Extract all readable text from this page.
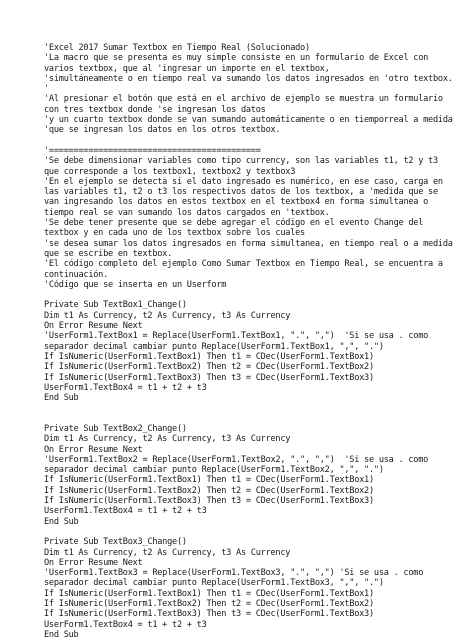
'Excel 2017 Sumar Textbox en Tiempo Real (Solucionado)
'La macro que se presenta es muy simple consiste en un formulario de Excel con
varios textbox, que al 'ingresar un importe en el textbox,
'simultáneamente o en tiempo real va sumando los datos ingresados en 'otro textbox.
'
'Al presionar el botón que está en el archivo de ejemplo se muestra un formulario
con tres textbox donde 'se ingresan los datos
'y un cuarto textbox donde se van sumando automáticamente o en tiemporreal a medida
'que se ingresan los datos en los otros textbox.
'===========================================
'Se debe dimensionar variables como tipo currency, son las variables t1, t2 y t3
que corresponde a los textbox1, textbox2 y textbox3
'En el ejemplo se detecta si el dato ingresado es numérico, en ese caso, carga en
las variables t1, t2 o t3 los respectivos datos de los textbox, a 'medida que se
van ingresando los datos en estos textbox en el textbox4 en forma simultanea o
tiempo real se van sumando los datos cargados en 'textbox.
'Se debe tener presente que se debe agregar el código en el evento Change del
textbox y en cada uno de los textbox sobre los cuales
'se desea sumar los datos ingresados en forma simultanea, en tiempo real o a medida
que se escribe en textbox.
'El código completo del ejemplo Como Sumar Textbox en Tiempo Real, se encuentra a
continuación.
'Código que se inserta en un Userform
Private Sub TextBox1_Change()
Dim t1 As Currency, t2 As Currency, t3 As Currency
On Error Resume Next
'UserForm1.TextBox1 = Replace(UserForm1.TextBox1, ".", ",")  'Si se usa . como
separador decimal cambiar punto Replace(UserForm1.TextBox1, ",", ".")
If IsNumeric(UserForm1.TextBox1) Then t1 = CDec(UserForm1.TextBox1)
If IsNumeric(UserForm1.TextBox2) Then t2 = CDec(UserForm1.TextBox2)
If IsNumeric(UserForm1.TextBox3) Then t3 = CDec(UserForm1.TextBox3)
UserForm1.TextBox4 = t1 + t2 + t3
End Sub
Private Sub TextBox2_Change()
Dim t1 As Currency, t2 As Currency, t3 As Currency
On Error Resume Next
'UserForm1.TextBox2 = Replace(UserForm1.TextBox2, ".", ",")  'Si se usa . como
separador decimal cambiar punto Replace(UserForm1.TextBox2, ",", ".")
If IsNumeric(UserForm1.TextBox1) Then t1 = CDec(UserForm1.TextBox1)
If IsNumeric(UserForm1.TextBox2) Then t2 = CDec(UserForm1.TextBox2)
If IsNumeric(UserForm1.TextBox3) Then t3 = CDec(UserForm1.TextBox3)
UserForm1.TextBox4 = t1 + t2 + t3
End Sub
Private Sub TextBox3_Change()
Dim t1 As Currency, t2 As Currency, t3 As Currency
On Error Resume Next
'UserForm1.TextBox3 = Replace(UserForm1.TextBox3, ".", ",") 'Si se usa . como
separador decimal cambiar punto Replace(UserForm1.TextBox3, ",", ".")
If IsNumeric(UserForm1.TextBox1) Then t1 = CDec(UserForm1.TextBox1)
If IsNumeric(UserForm1.TextBox2) Then t2 = CDec(UserForm1.TextBox2)
If IsNumeric(UserForm1.TextBox3) Then t3 = CDec(UserForm1.TextBox3)
UserForm1.TextBox4 = t1 + t2 + t3
End Sub
